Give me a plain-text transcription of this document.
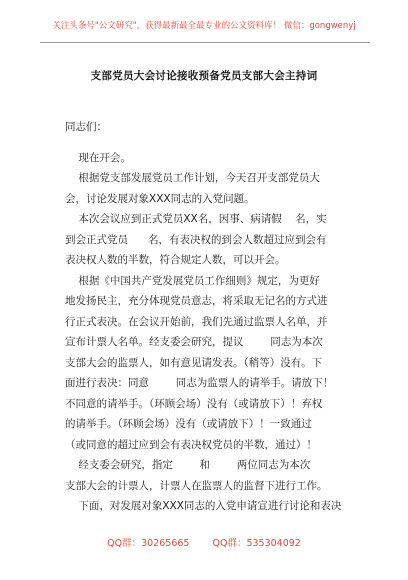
关注头条号"公文研究"，获得最新最全最专业的公文资料库！ 微信：gongwenyj
支部党员大会讨论接收预备党员支部大会主持词
同志们：
现在开会。
根据党支部发展党员工作计划，今天召开支部党员大
会，讨论发展对象XXX同志的入党问题。
本次会议应到正式党员XX名，因事、病请假    名，实
到会正式党员      名，有表决权的到会人数超过应到会有
表决权人数的半数，符合规定人数，可以开会。
根据《中国共产党发展党员工作细则》规定，为更好
地发扬民主，充分体现党员意志，将采取无记名的方式进
行正式表决。在会议开始前，我们先通过监票人名单，并
宣布计票人名单。经支委会研究，提议        同志为本次
支部大会的监票人，如有意见请发表。（稍等）没有。下
面进行表决：同意        同志为监票人的请举手。请放下！
不同意的请举手。（环顾会场）没有（或请放下）！弃权
的请举手。（环顾会场）没有（或请放下）！一致通过
（或同意的超过应到会有表决权党员的半数，通过）！
经支委会研究，指定        和        两位同志为本次
支部大会的计票人，计票人在监票人的监督下进行工作。
下面，对发展对象XXX同志的入党申请宣进行讨论和表决
QQ群：30265665 QQ群：535304092
